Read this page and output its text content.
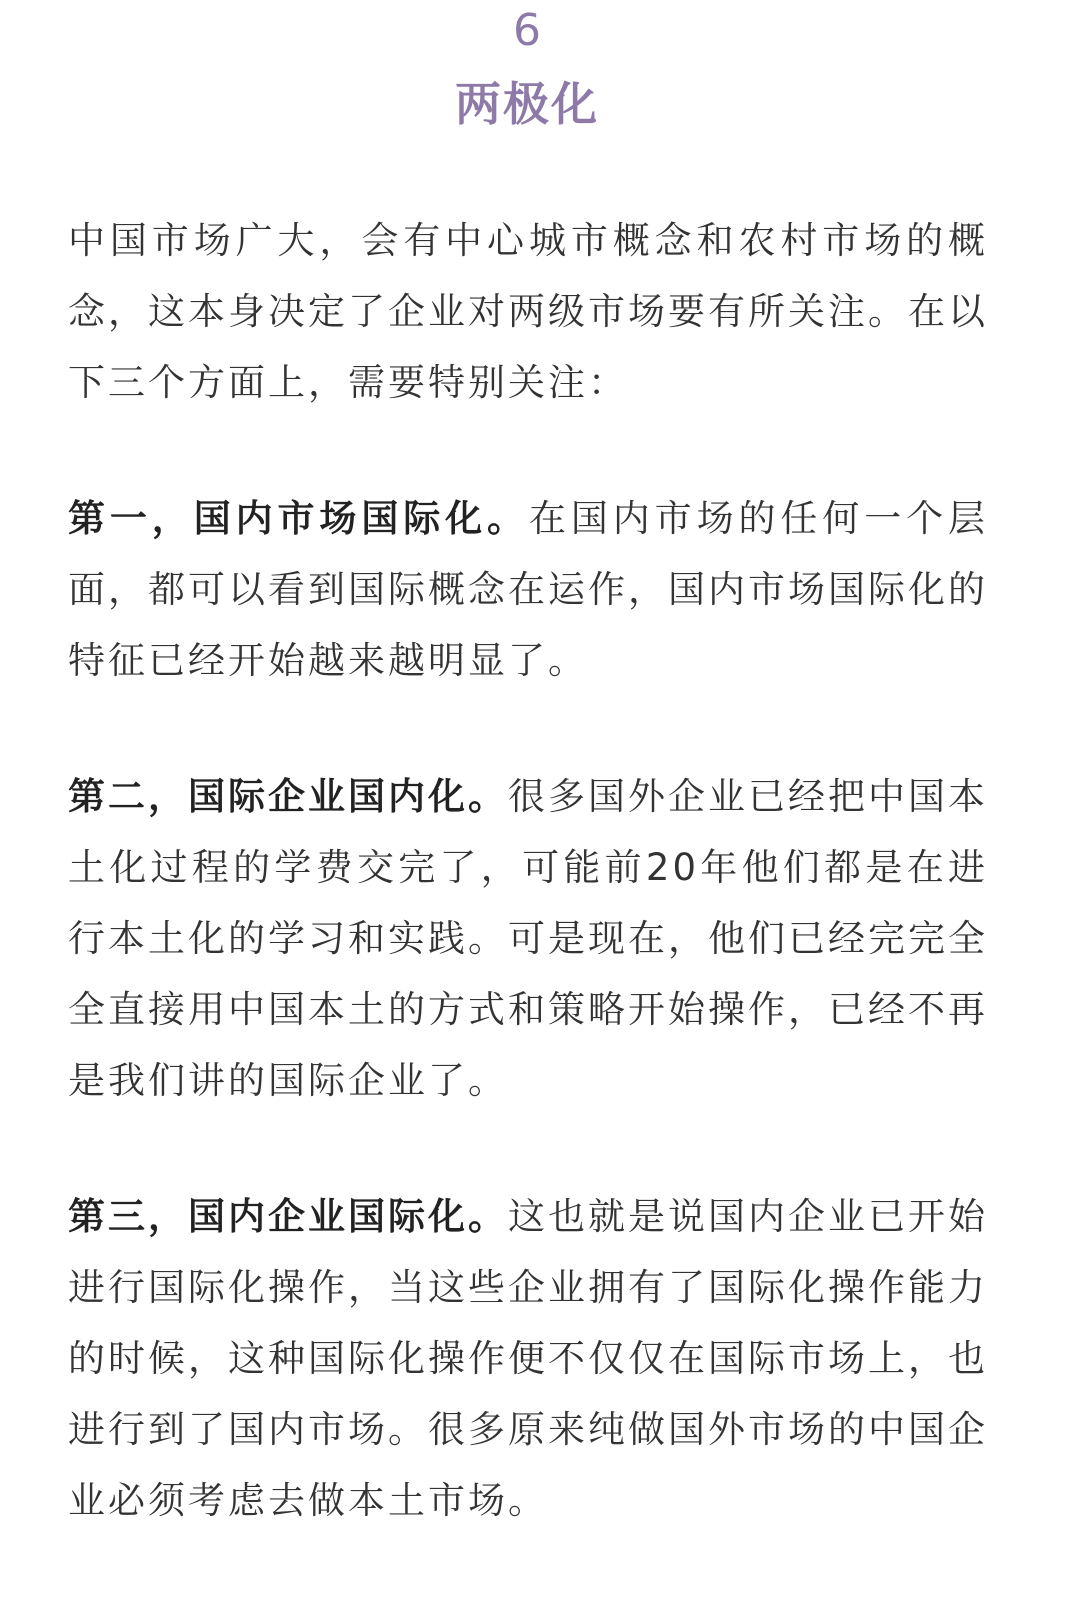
6
两极化

中国市场广大，会有中心城市概念和农村市场的概念，这本身决定了企业对两级市场要有所关注。在以下三个方面上，需要特别关注：

第一，国内市场国际化。在国内市场的任何一个层面，都可以看到国际概念在运作，国内市场国际化的特征已经开始越来越明显了。

第二，国际企业国内化。很多国外企业已经把中国本土化过程的学费交完了，可能前20年他们都是在进行本土化的学习和实践。可是现在，他们已经完完全全直接用中国本土的方式和策略开始操作，已经不再是我们讲的国际企业了。

第三，国内企业国际化。这也就是说国内企业已开始进行国际化操作，当这些企业拥有了国际化操作能力的时候，这种国际化操作便不仅仅在国际市场上，也进行到了国内市场。很多原来纯做国外市场的中国企业必须考虑去做本土市场。
